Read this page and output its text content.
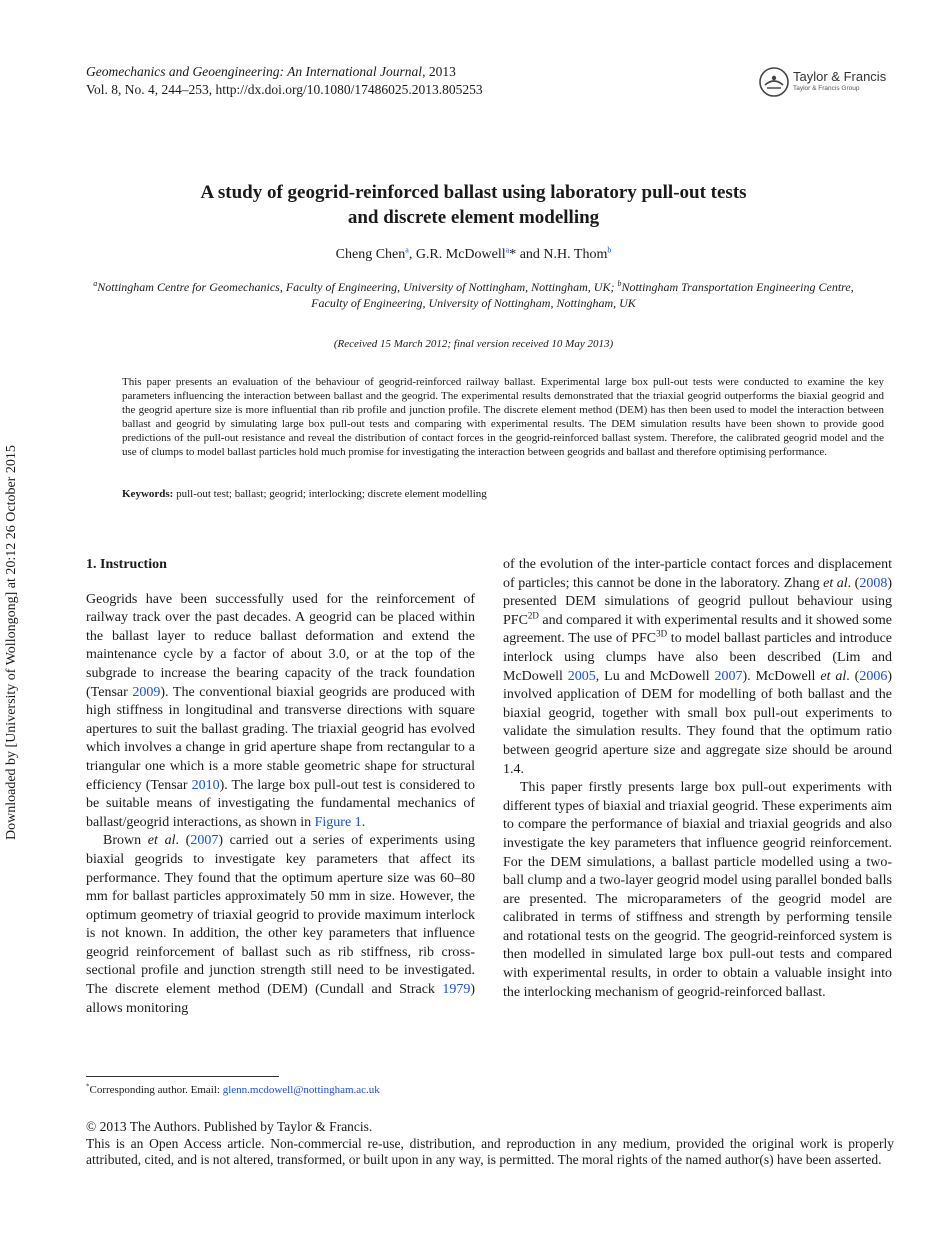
Geomechanics and Geoengineering: An International Journal, 2013
Vol. 8, No. 4, 244–253, http://dx.doi.org/10.1080/17486025.2013.805253
Taylor & Francis
Taylor & Francis Group
Downloaded by [University of Wollongong] at 20:12 26 October 2015
A study of geogrid-reinforced ballast using laboratory pull-out tests
and discrete element modelling
Cheng Chen$^a$, G.R. McDowell$^a$* and N.H. Thom$^b$
$^a$Nottingham Centre for Geomechanics, Faculty of Engineering, University of Nottingham, Nottingham, UK; $^b$Nottingham Transportation Engineering Centre, Faculty of Engineering, University of Nottingham, Nottingham, UK
(Received 15 March 2012; final version received 10 May 2013)
This paper presents an evaluation of the behaviour of geogrid-reinforced railway ballast. Experimental large box pull-out tests were conducted to examine the key parameters influencing the interaction between ballast and the geogrid. The experimental results demonstrated that the triaxial geogrid outperforms the biaxial geogrid and the geogrid aperture size is more influential than rib profile and junction profile. The discrete element method (DEM) has then been used to model the interaction between ballast and geogrid by simulating large box pull-out tests and comparing with experimental results. The DEM simulation results have been shown to provide good predictions of the pull-out resistance and reveal the distribution of contact forces in the geogrid-reinforced ballast system. Therefore, the calibrated geogrid model and the use of clumps to model ballast particles hold much promise for investigating the interaction between geogrids and ballast and therefore optimising performance.
Keywords: pull-out test; ballast; geogrid; interlocking; discrete element modelling

1. Instruction

Geogrids have been successfully used for the reinforcement of railway track over the past decades. A geogrid can be placed within the ballast layer to reduce ballast deformation and extend the maintenance cycle by a factor of about 3.0, or at the top of the subgrade to increase the bearing capacity of the track foundation (Tensar 2009). The conventional biaxial geogrids are produced with high stiffness in longitudinal and transverse directions with square apertures to suit the ballast grading. The triaxial geogrid has evolved which involves a change in grid aperture shape from rectangular to a triangular one which is a more stable geometric shape for structural efficiency (Tensar 2010). The large box pull-out test is considered to be suitable means of investigating the fundamental mechanics of ballast/geogrid interactions, as shown in Figure 1.

Brown et al. (2007) carried out a series of experiments using biaxial geogrids to investigate key parameters that affect its performance. They found that the optimum aperture size was 60–80 mm for ballast particles approximately 50 mm in size. However, the optimum geometry of triaxial geogrid to provide maximum interlock is not known. In addition, the other key parameters that influence geogrid reinforcement of ballast such as rib stiffness, rib cross-sectional profile and junction strength still need to be investigated. The discrete element method (DEM) (Cundall and Strack 1979) allows monitoring

of the evolution of the inter-particle contact forces and displacement of particles; this cannot be done in the laboratory. Zhang et al. (2008) presented DEM simulations of geogrid pullout behaviour using $PFC^{2D}$ and compared it with experimental results and it showed some agreement. The use of $PFC^{3D}$ to model ballast particles and introduce interlock using clumps have also been described (Lim and McDowell 2005, Lu and McDowell 2007). McDowell et al. (2006) involved application of DEM for modelling of both ballast and the biaxial geogrid, together with small box pull-out experiments to validate the simulation results. They found that the optimum ratio between geogrid aperture size and aggregate size should be around 1.4.

This paper firstly presents large box pull-out experiments with different types of biaxial and triaxial geogrid. These experiments aim to compare the performance of biaxial and triaxial geogrids and also investigate the key parameters that influence geogrid reinforcement. For the DEM simulations, a ballast particle modelled using a two-ball clump and a two-layer geogrid model using parallel bonded balls are presented. The microparameters of the geogrid model are calibrated in terms of stiffness and strength by performing tensile and rotational tests on the geogrid. The geogrid-reinforced system is then modelled in simulated large box pull-out tests and compared with experimental results, in order to obtain a valuable insight into the interlocking mechanism of geogrid-reinforced ballast.

*Corresponding author. Email: glenn.mcdowell@nottingham.ac.uk

© 2013 The Authors. Published by Taylor & Francis.

This is an Open Access article. Non-commercial re-use, distribution, and reproduction in any medium, provided the original work is properly attributed, cited, and is not altered, transformed, or built upon in any way, is permitted. The moral rights of the named author(s) have been asserted.
